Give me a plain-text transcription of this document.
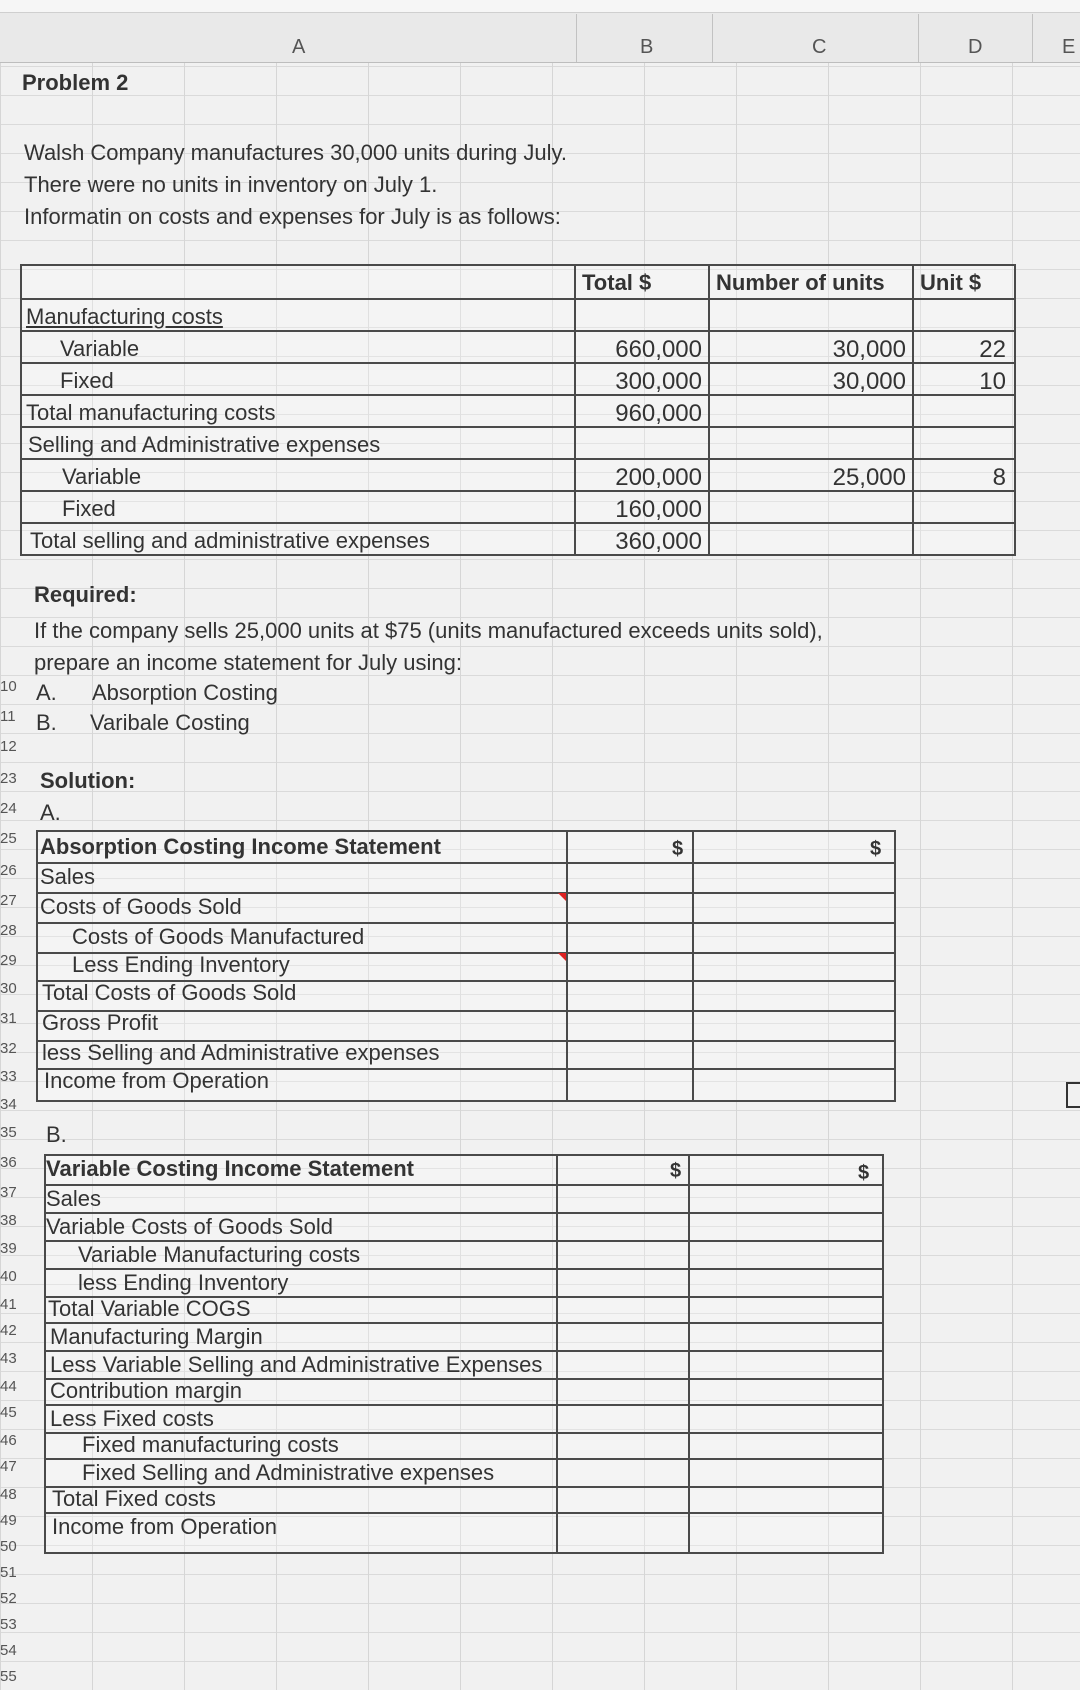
A	B	C	D	E
10
11
12
23
24
25
26
27
28
29
30
31
32
33
34
35
36
37
38
39
40
41
42
43
44
45
46
47
48
49
50
51
52
53
54
55
Problem 2
Walsh Company manufactures 30,000 units during July.
There were no units in inventory on July 1.
Informatin on costs and expenses for July is as follows:
Total $	Number of units Unit $
Manufacturing costs
Variable	660,000	30,000	22
Fixed	300,000	30,000	10
Total manufacturing costs	960,000
Selling and Administrative expenses
Variable	200,000	25,000	8
Fixed	160,000
Total selling and administrative expenses	360,000
Required:
If the company sells 25,000 units at $75 (units manufactured exceeds units sold),
prepare an income statement for July using:
A. Absorption Costing
B. Varibale Costing
Solution:
A.
Absorption Costing Income Statement	$	$
Sales
Costs of Goods Sold
Costs of Goods Manufactured
Less Ending Inventory
Total Costs of Goods Sold
Gross Profit
less Selling and Administrative expenses
Income from Operation
B.
Variable Costing Income Statement	$	$
Sales
Variable Costs of Goods Sold
Variable Manufacturing costs
less Ending Inventory
Total Variable COGS
Manufacturing Margin
Less Variable Selling and Administrative Expenses
Contribution margin
Less Fixed costs
Fixed manufacturing costs
Fixed Selling and Administrative expenses
Total Fixed costs
Income from Operation
